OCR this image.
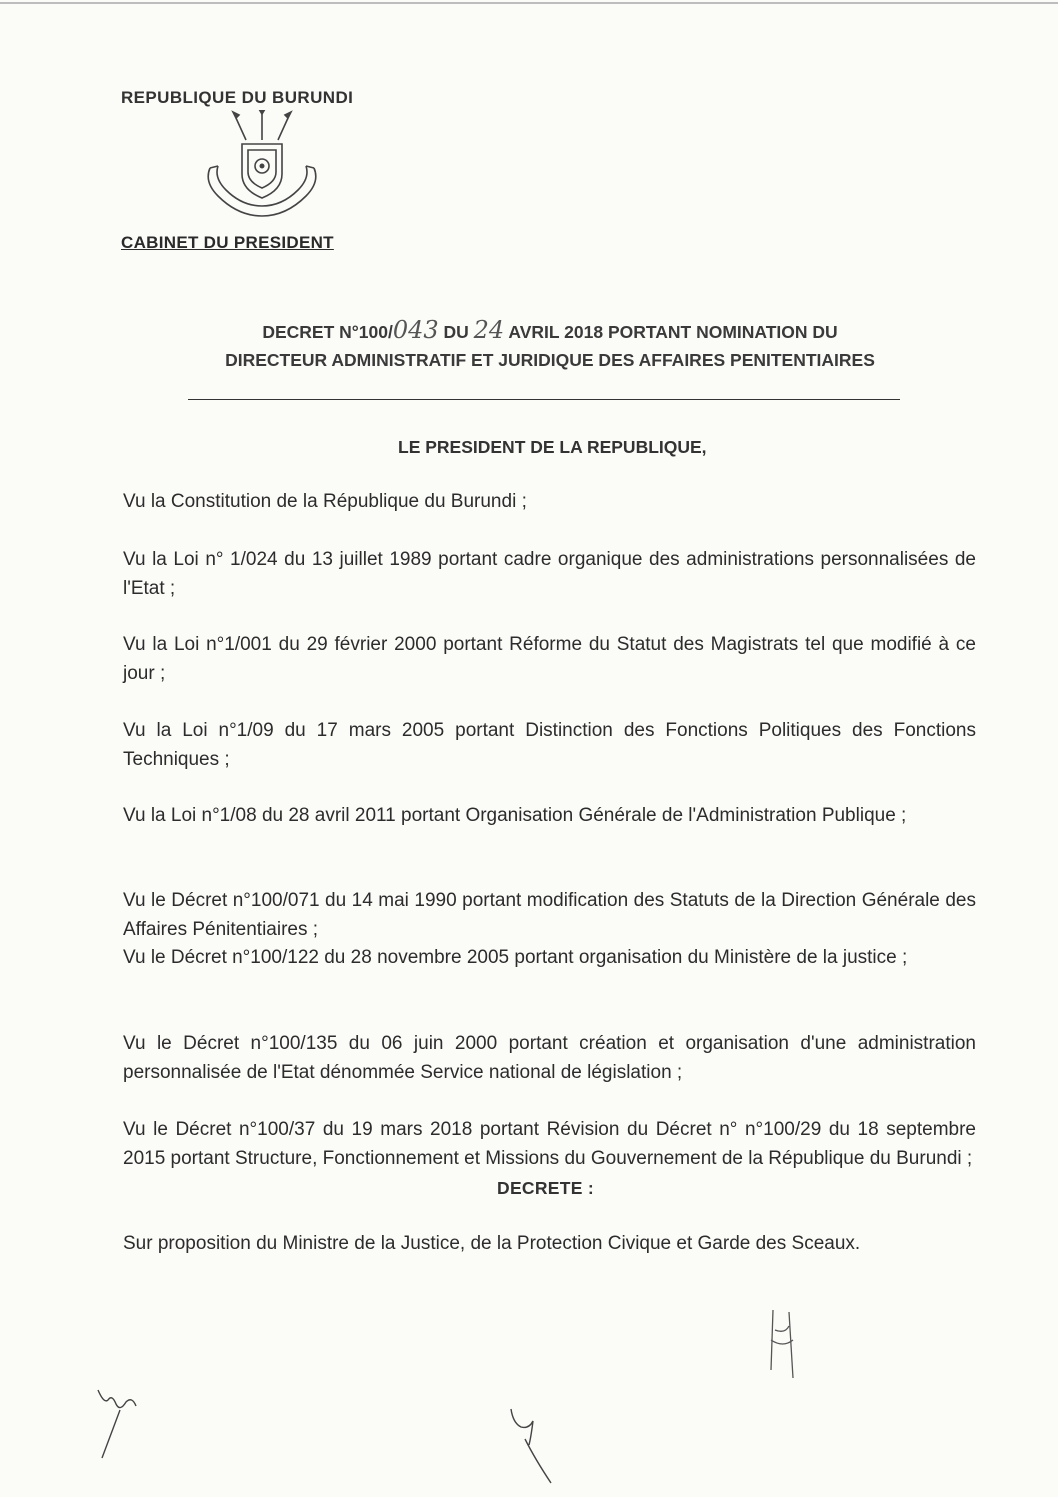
REPUBLIQUE DU BURUNDI
CABINET DU PRESIDENT
DECRET N°100/043 DU 24 AVRIL 2018 PORTANT NOMINATION DU
DIRECTEUR ADMINISTRATIF ET JURIDIQUE DES AFFAIRES PENITENTIAIRES
LE PRESIDENT DE LA REPUBLIQUE,
Vu la Constitution de la République du Burundi ;
Vu la Loi n° 1/024 du 13 juillet 1989 portant cadre organique des administrations personnalisées de l'Etat ;
Vu la Loi n°1/001 du 29 février 2000 portant Réforme du Statut des Magistrats tel que modifié à ce jour ;
Vu la Loi n°1/09 du 17 mars 2005 portant Distinction des Fonctions Politiques des Fonctions Techniques ;
Vu la Loi n°1/08 du 28 avril 2011 portant Organisation Générale de l'Administration Publique ;
Vu le Décret n°100/071 du 14 mai 1990 portant modification des Statuts de la Direction Générale des Affaires Pénitentiaires ;
Vu le Décret n°100/122 du 28 novembre 2005 portant organisation du Ministère de la justice ;
Vu le Décret n°100/135 du 06 juin 2000 portant création et organisation d'une administration personnalisée de l'Etat dénommée Service national de législation ;
Vu le Décret n°100/37 du 19 mars 2018 portant Révision du Décret n° n°100/29 du 18 septembre 2015 portant Structure, Fonctionnement et Missions du Gouvernement de la République du Burundi ;
Sur proposition du Ministre de la Justice, de la Protection Civique et Garde des Sceaux.
DECRETE :
